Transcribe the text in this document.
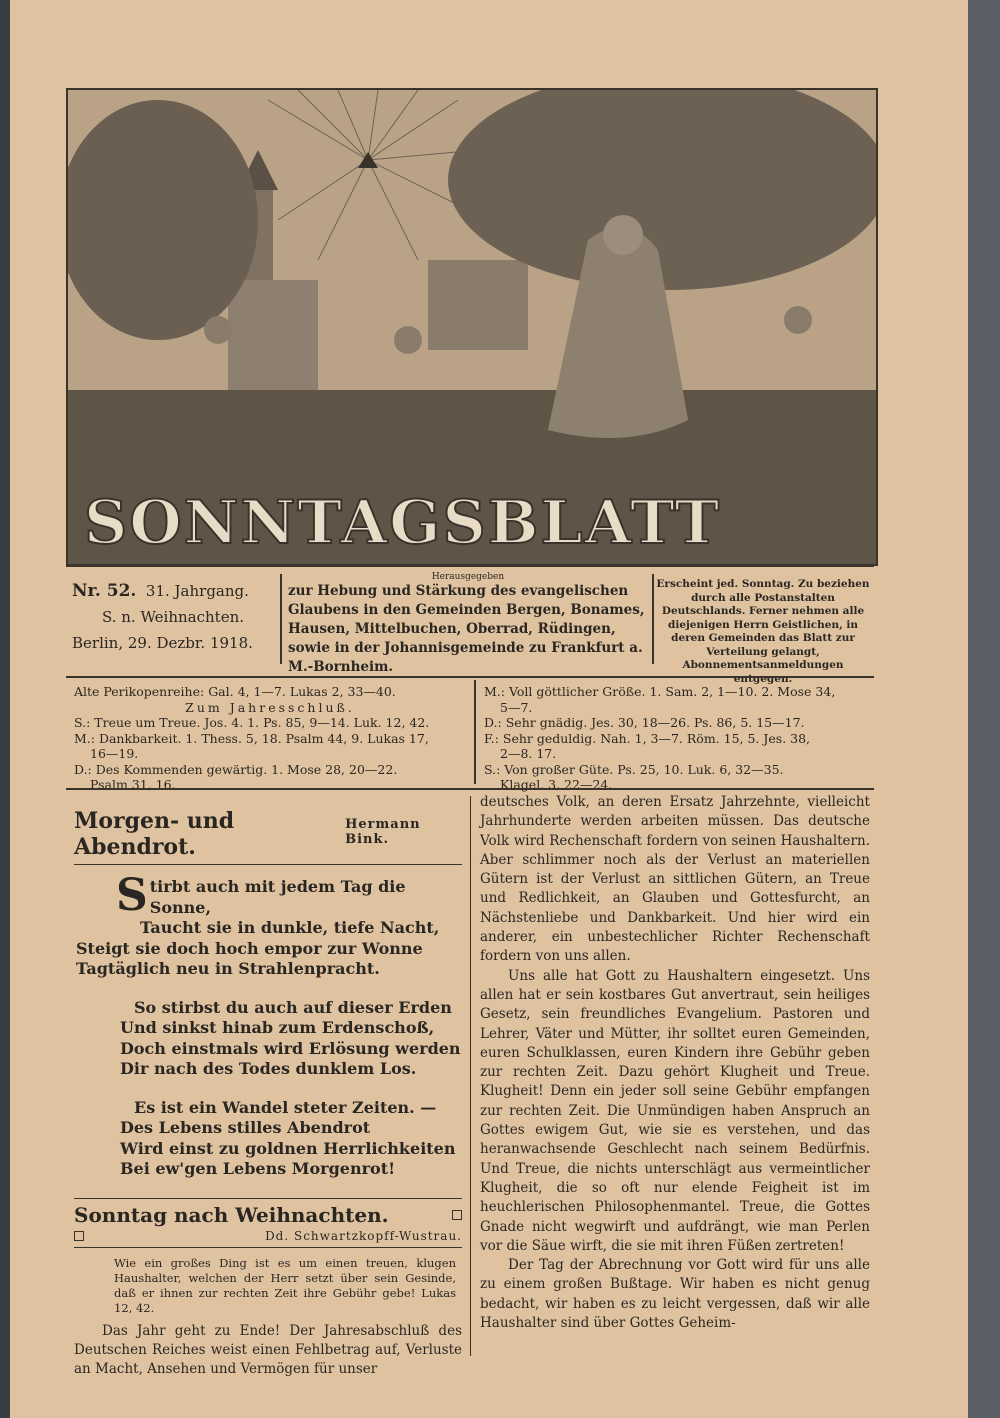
SONNTAGSBLATT
Nr. 52. 31. Jahrgang.
S. n. Weihnachten.
Berlin, 29. Dezbr. 1918.
Herausgegeben
zur Hebung und Stärkung des evangelischen Glaubens in den Gemeinden Bergen, Bonames, Hausen, Mittelbuchen, Oberrad, Rüdingen, sowie in der Johannisgemeinde zu Frankfurt a. M.-Bornheim.
Erscheint jed. Sonntag. Zu beziehen durch alle Postanstalten Deutschlands. Ferner nehmen alle diejenigen Herrn Geistlichen, in deren Gemeinden das Blatt zur Verteilung gelangt, Abonnementsanmeldungen entgegen.
Alte Perikopenreihe: Gal. 4, 1—7. Lukas 2, 33—40.
Zum Jahresschluß.
S.: Treue um Treue. Jos. 4. 1. Ps. 85, 9—14. Luk. 12, 42.
M.: Dankbarkeit. 1. Thess. 5, 18. Psalm 44, 9. Lukas 17,
16—19.
D.: Des Kommenden gewärtig. 1. Mose 28, 20—22.
Psalm 31, 16.
M.: Voll göttlicher Größe. 1. Sam. 2, 1—10. 2. Mose 34,
5—7.
D.: Sehr gnädig. Jes. 30, 18—26. Ps. 86, 5. 15—17.
F.: Sehr geduldig. Nah. 1, 3—7. Röm. 15, 5. Jes. 38,
2—8. 17.
S.: Von großer Güte. Ps. 25, 10. Luk. 6, 32—35.
Klagel. 3, 22—24.
Morgen- und Abendrot.
Hermann Bink.
Stirbt auch mit jedem Tag die Sonne,
Taucht sie in dunkle, tiefe Nacht,
Steigt sie doch hoch empor zur Wonne
Tagtäglich neu in Strahlenpracht.
So stirbst du auch auf dieser Erden
Und sinkst hinab zum Erdenschoß,
Doch einstmals wird Erlösung werden
Dir nach des Todes dunklem Los.
Es ist ein Wandel steter Zeiten. —
Des Lebens stilles Abendrot
Wird einst zu goldnen Herrlichkeiten
Bei ew'gen Lebens Morgenrot!
Sonntag nach Weihnachten.
Dd. Schwartzkopff-Wustrau.
Wie ein großes Ding ist es um einen treuen, klugen Haushalter, welchen der Herr setzt über sein Gesinde, daß er ihnen zur rechten Zeit ihre Gebühr gebe! Lukas 12, 42.
Das Jahr geht zu Ende! Der Jahresabschluß des Deutschen Reiches weist einen Fehlbetrag auf, Verluste an Macht, Ansehen und Vermögen für unser
deutsches Volk, an deren Ersatz Jahrzehnte, vielleicht Jahrhunderte werden arbeiten müssen. Das deutsche Volk wird Rechenschaft fordern von seinen Haushaltern. Aber schlimmer noch als der Verlust an materiellen Gütern ist der Verlust an sittlichen Gütern, an Treue und Redlichkeit, an Glauben und Gottesfurcht, an Nächstenliebe und Dankbarkeit. Und hier wird ein anderer, ein unbestechlicher Richter Rechenschaft fordern von uns allen.
Uns alle hat Gott zu Haushaltern eingesetzt. Uns allen hat er sein kostbares Gut anvertraut, sein heiliges Gesetz, sein freundliches Evangelium. Pastoren und Lehrer, Väter und Mütter, ihr solltet euren Gemeinden, euren Schulklassen, euren Kindern ihre Gebühr geben zur rechten Zeit. Dazu gehört Klugheit und Treue. Klugheit! Denn ein jeder soll seine Gebühr empfangen zur rechten Zeit. Die Unmündigen haben Anspruch an Gottes ewigem Gut, wie sie es verstehen, und das heranwachsende Geschlecht nach seinem Bedürfnis. Und Treue, die nichts unterschlägt aus vermeintlicher Klugheit, die so oft nur elende Feigheit ist im heuchlerischen Philosophenmantel. Treue, die Gottes Gnade nicht wegwirft und aufdrängt, wie man Perlen vor die Säue wirft, die sie mit ihren Füßen zertreten!
Der Tag der Abrechnung vor Gott wird für uns alle zu einem großen Bußtage. Wir haben es nicht genug bedacht, wir haben es zu leicht vergessen, daß wir alle Haushalter sind über Gottes Geheim-
